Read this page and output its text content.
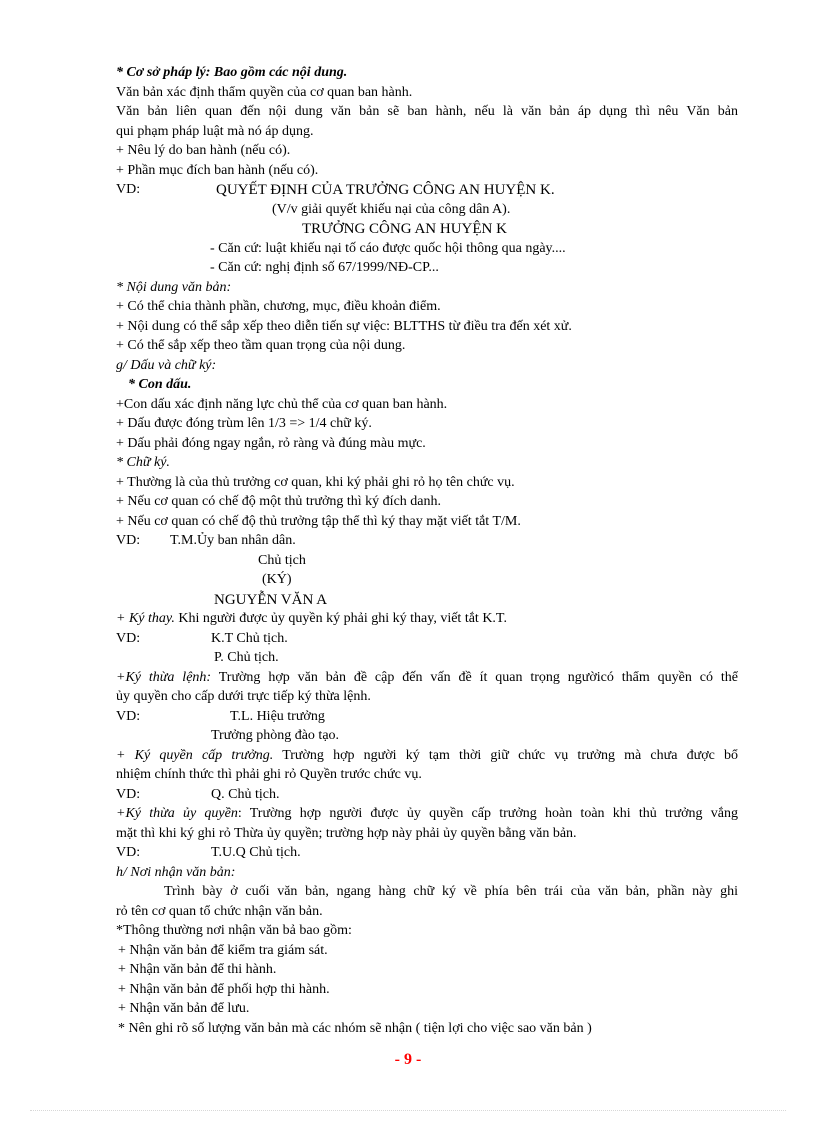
* Cơ sở pháp lý: Bao gồm các nội dung.
Văn bản xác định thẩm quyền của cơ quan ban hành.
Văn bản liên quan đến nội dung văn bản sẽ ban hành, nếu là văn bản áp dụng thì nêu Văn bản
qui phạm pháp luật mà nó áp dụng.
+ Nêu lý do ban hành (nếu có).
+ Phần mục đích ban hành (nếu có).
VD:	QUYẾT ĐỊNH CỦA TRƯỞNG CÔNG AN HUYỆN K.
(V/v giải quyết khiếu nại của công dân A).
TRƯỞNG CÔNG AN HUYỆN K
- Căn cứ: luật khiếu nại tố cáo được quốc hội thông qua ngày....
- Căn cứ: nghị định số 67/1999/NĐ-CP...
* Nội dung văn bản:
+ Có thể chia thành phần, chương, mục, điều khoản điểm.
+ Nội dung có thể sắp xếp theo diễn tiến sự việc: BLTTHS từ điều tra đến xét xử.
+ Có thể sắp xếp theo tầm quan trọng của nội dung.
g/ Dấu và chữ ký:
* Con dấu.
+Con dấu xác định năng lực chủ thể của cơ quan ban hành.
+ Dấu được đóng trùm lên 1/3 => 1/4 chữ ký.
+ Dấu phải đóng ngay ngắn, rỏ ràng và đúng màu mực.
* Chữ ký.
+ Thường là của thủ trưởng cơ quan, khi ký phải ghi rỏ họ tên chức vụ.
+ Nếu cơ quan có chế độ một thủ trưởng thì ký đích danh.
+ Nếu cơ quan có chế độ thủ trưởng tập thể thì ký thay mặt viết tắt T/M.
VD: T.M.Ủy ban nhân dân.
Chủ tịch
(KÝ)
NGUYỄN VĂN A
+ Ký thay. Khi người được ủy quyền ký phải ghi ký thay, viết tắt K.T.
VD:	K.T Chủ tịch.
P. Chủ tịch.
+Ký thừa lệnh: Trường hợp văn bản đề cập đến vấn đề ít quan trọng ngườicó thẩm quyền có thể
ủy quyền cho cấp dưới trực tiếp ký thừa lệnh.
VD:	T.L. Hiệu trưởng
Trưởng phòng đào tạo.
+ Ký quyền cấp trưởng. Trường hợp người ký tạm thời giữ chức vụ trưởng mà chưa được bổ
nhiệm chính thức thì phải ghi rỏ Quyền trước chức vụ.
VD:	Q. Chủ tịch.
+Ký thừa ủy quyền: Trường hợp người được ủy quyền cấp trưởng hoàn toàn khi thủ trưởng vắng
mặt thì khi ký ghi rỏ Thừa ủy quyền; trường hợp này phải ủy quyền bằng văn bản.
VD:	T.U.Q Chủ tịch.
h/ Nơi nhận văn bản:
Trình bày ở cuối văn bản, ngang hàng chữ ký về phía bên trái của văn bản, phần này ghi
rỏ tên cơ quan tổ chức nhận văn bản.
*Thông thường nơi nhận văn bả bao gồm:
+ Nhận văn bản để kiểm tra giám sát.
+ Nhận văn bản để thi hành.
+ Nhận văn bản để phối hợp thi hành.
+ Nhận văn bản để lưu.
* Nên ghi rõ số lượng văn bản mà các nhóm sẽ nhận ( tiện lợi cho việc sao văn bản )
- 9 -
